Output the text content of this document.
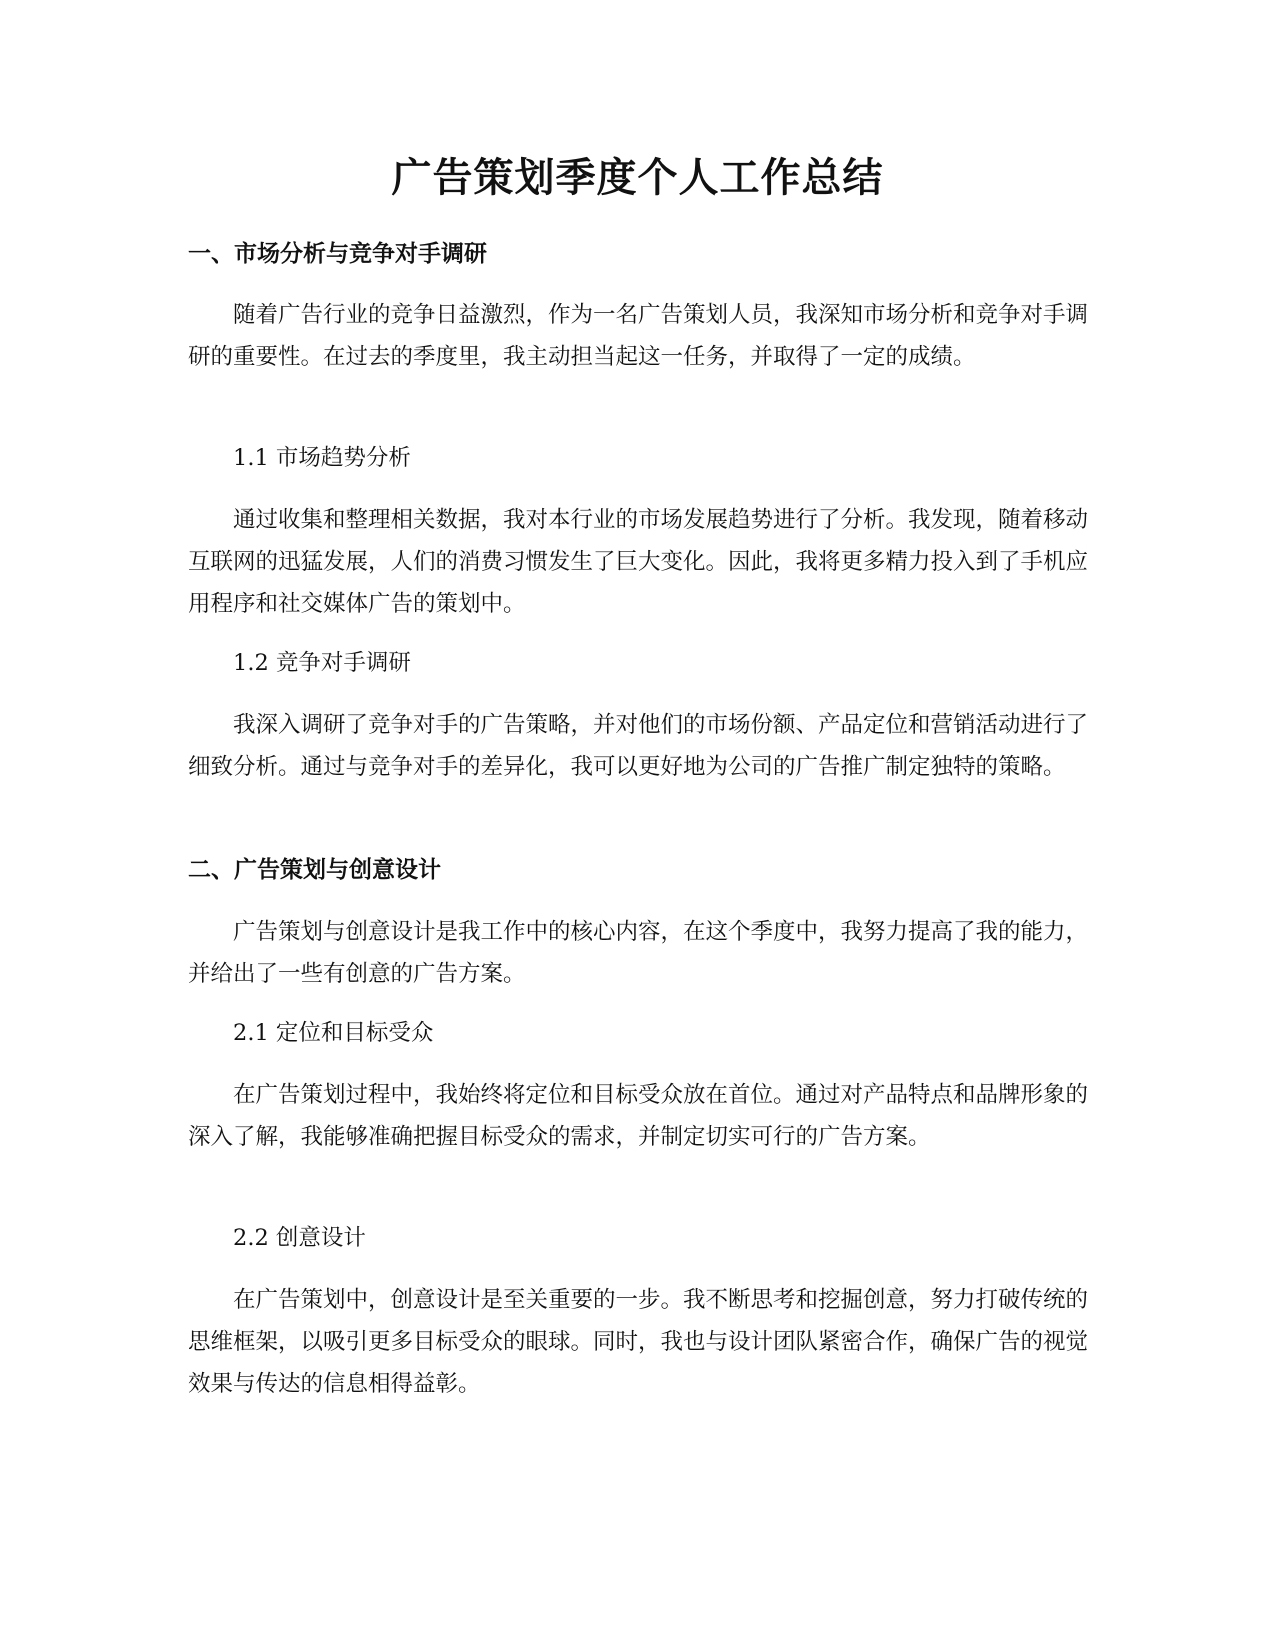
广告策划季度个人工作总结
一、市场分析与竞争对手调研

随着广告行业的竞争日益激烈，作为一名广告策划人员，我深知市场分析和竞争对手调研的重要性。在过去的季度里，我主动担当起这一任务，并取得了一定的成绩。

1.1 市场趋势分析

通过收集和整理相关数据，我对本行业的市场发展趋势进行了分析。我发现，随着移动互联网的迅猛发展，人们的消费习惯发生了巨大变化。因此，我将更多精力投入到了手机应用程序和社交媒体广告的策划中。

1.2 竞争对手调研

我深入调研了竞争对手的广告策略，并对他们的市场份额、产品定位和营销活动进行了细致分析。通过与竞争对手的差异化，我可以更好地为公司的广告推广制定独特的策略。

二、广告策划与创意设计

广告策划与创意设计是我工作中的核心内容，在这个季度中，我努力提高了我的能力，并给出了一些有创意的广告方案。

2.1 定位和目标受众

在广告策划过程中，我始终将定位和目标受众放在首位。通过对产品特点和品牌形象的深入了解，我能够准确把握目标受众的需求，并制定切实可行的广告方案。

2.2 创意设计

在广告策划中，创意设计是至关重要的一步。我不断思考和挖掘创意，努力打破传统的思维框架，以吸引更多目标受众的眼球。同时，我也与设计团队紧密合作，确保广告的视觉效果与传达的信息相得益彰。
